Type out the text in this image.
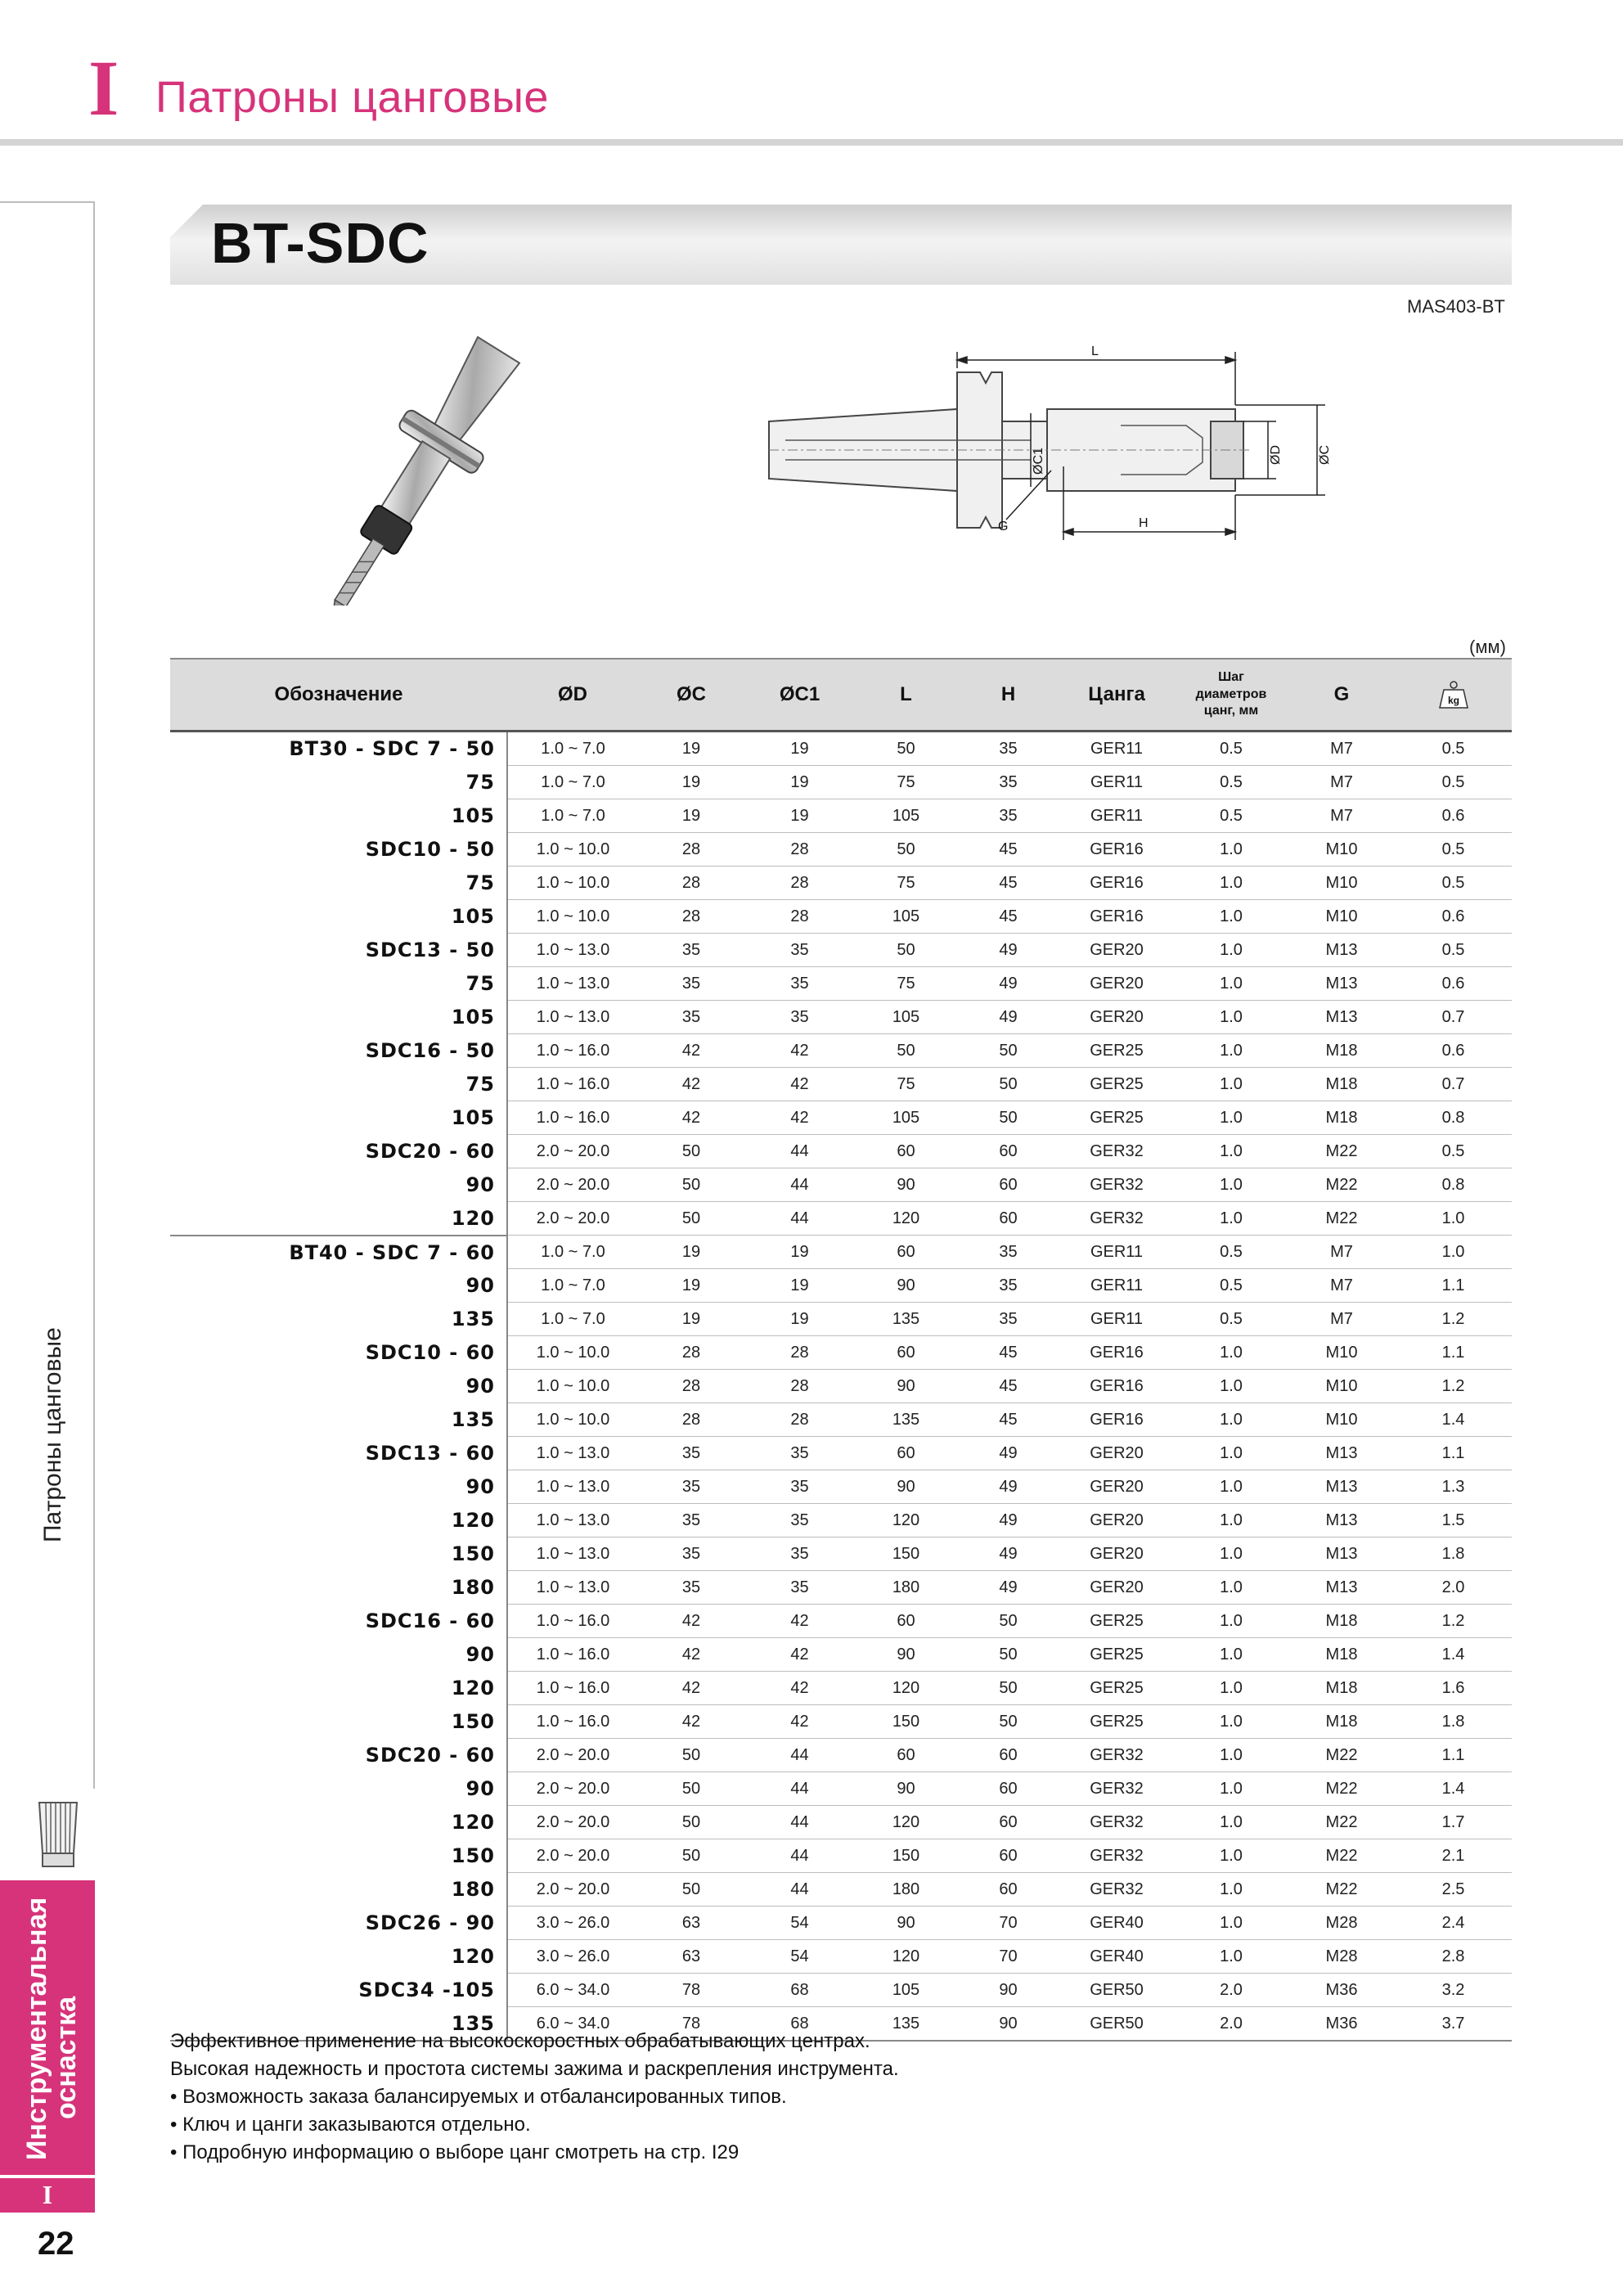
I Патроны цанговые
Патроны цанговые
Инструментальная
оснастка
I
22
BT-SDC
MAS403-BT
L
H
G
ØC1	ØD	ØC
(мм)
Обозначение	ØD	ØC	ØC1	L	H	Цанга	Шаг
диаметров
цанг, мм	G	kg

BT30 - SDC 7 - 50	1.0 ~ 7.0	19	19	50	35	GER11	0.5	M7	0.5
75	1.0 ~ 7.0	19	19	75	35	GER11	0.5	M7	0.5
105	1.0 ~ 7.0	19	19	105	35	GER11	0.5	M7	0.6
SDC10 - 50	1.0 ~ 10.0	28	28	50	45	GER16	1.0	M10	0.5
75	1.0 ~ 10.0	28	28	75	45	GER16	1.0	M10	0.5
105	1.0 ~ 10.0	28	28	105	45	GER16	1.0	M10	0.6
SDC13 - 50	1.0 ~ 13.0	35	35	50	49	GER20	1.0	M13	0.5
75	1.0 ~ 13.0	35	35	75	49	GER20	1.0	M13	0.6
105	1.0 ~ 13.0	35	35	105	49	GER20	1.0	M13	0.7
SDC16 - 50	1.0 ~ 16.0	42	42	50	50	GER25	1.0	M18	0.6
75	1.0 ~ 16.0	42	42	75	50	GER25	1.0	M18	0.7
105	1.0 ~ 16.0	42	42	105	50	GER25	1.0	M18	0.8
SDC20 - 60	2.0 ~ 20.0	50	44	60	60	GER32	1.0	M22	0.5
90	2.0 ~ 20.0	50	44	90	60	GER32	1.0	M22	0.8
120	2.0 ~ 20.0	50	44	120	60	GER32	1.0	M22	1.0
BT40 - SDC 7 - 60	1.0 ~ 7.0	19	19	60	35	GER11	0.5	M7	1.0
90	1.0 ~ 7.0	19	19	90	35	GER11	0.5	M7	1.1
135	1.0 ~ 7.0	19	19	135	35	GER11	0.5	M7	1.2
SDC10 - 60	1.0 ~ 10.0	28	28	60	45	GER16	1.0	M10	1.1
90	1.0 ~ 10.0	28	28	90	45	GER16	1.0	M10	1.2
135	1.0 ~ 10.0	28	28	135	45	GER16	1.0	M10	1.4
SDC13 - 60	1.0 ~ 13.0	35	35	60	49	GER20	1.0	M13	1.1
90	1.0 ~ 13.0	35	35	90	49	GER20	1.0	M13	1.3
120	1.0 ~ 13.0	35	35	120	49	GER20	1.0	M13	1.5
150	1.0 ~ 13.0	35	35	150	49	GER20	1.0	M13	1.8
180	1.0 ~ 13.0	35	35	180	49	GER20	1.0	M13	2.0
SDC16 - 60	1.0 ~ 16.0	42	42	60	50	GER25	1.0	M18	1.2
90	1.0 ~ 16.0	42	42	90	50	GER25	1.0	M18	1.4
120	1.0 ~ 16.0	42	42	120	50	GER25	1.0	M18	1.6
150	1.0 ~ 16.0	42	42	150	50	GER25	1.0	M18	1.8
SDC20 - 60	2.0 ~ 20.0	50	44	60	60	GER32	1.0	M22	1.1
90	2.0 ~ 20.0	50	44	90	60	GER32	1.0	M22	1.4
120	2.0 ~ 20.0	50	44	120	60	GER32	1.0	M22	1.7
150	2.0 ~ 20.0	50	44	150	60	GER32	1.0	M22	2.1
180	2.0 ~ 20.0	50	44	180	60	GER32	1.0	M22	2.5
SDC26 - 90	3.0 ~ 26.0	63	54	90	70	GER40	1.0	M28	2.4
120	3.0 ~ 26.0	63	54	120	70	GER40	1.0	M28	2.8
SDC34 -105	6.0 ~ 34.0	78	68	105	90	GER50	2.0	M36	3.2
135	6.0 ~ 34.0	78	68	135	90	GER50	2.0	M36	3.7
Эффективное применение на высокоскоростных обрабатывающих центрах.
Высокая надежность и простота системы зажима и раскрепления инструмента.
• Возможность заказа балансируемых и отбалансированных типов.
• Ключ и цанги заказываются отдельно.
• Подробную информацию о выборе цанг смотреть на стр. I29
